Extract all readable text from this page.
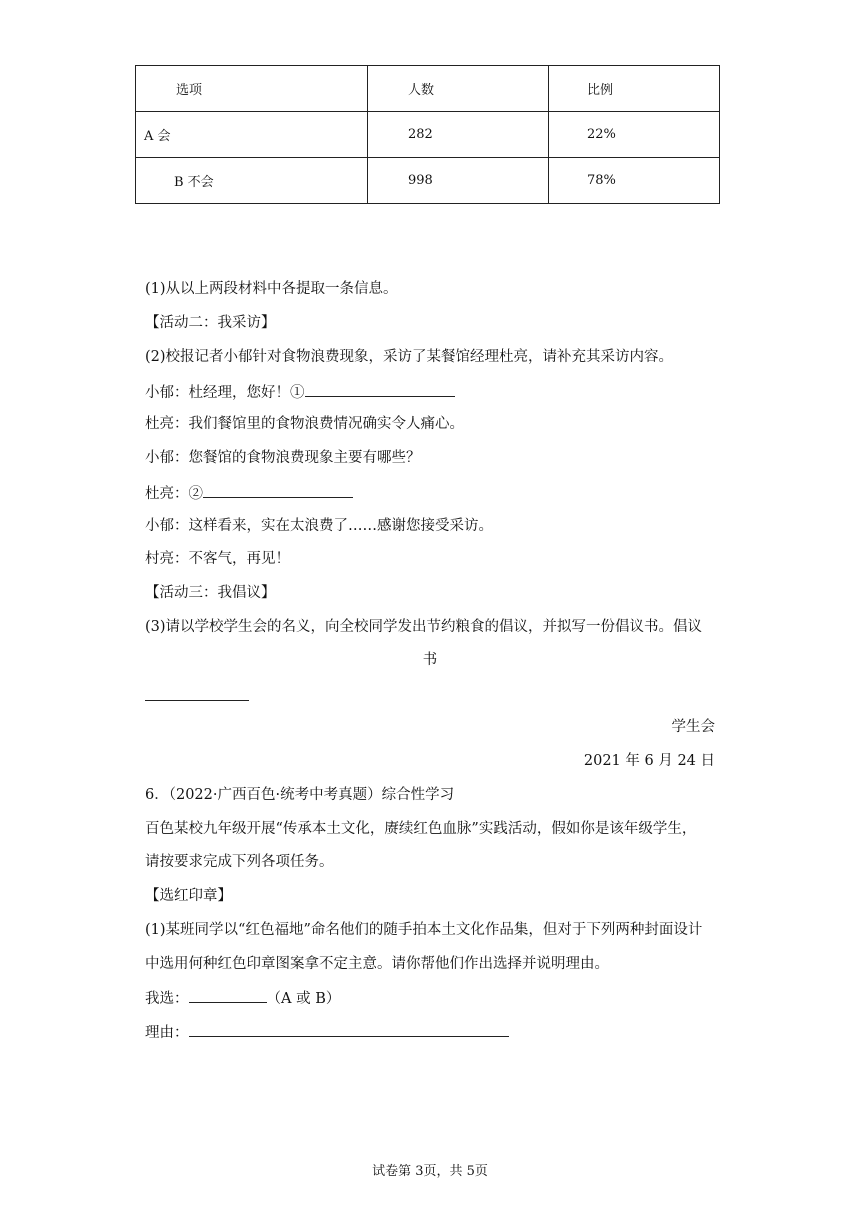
选项	人数	比例
A 会	282	22%
B 不会	998	78%
(1)从以上两段材料中各提取一条信息。
【活动二：我采访】
(2)校报记者小郁针对食物浪费现象，采访了某餐馆经理杜亮，请补充其采访内容。
小郁：杜经理，您好！①
杜亮：我们餐馆里的食物浪费情况确实令人痛心。
小郁：您餐馆的食物浪费现象主要有哪些？
杜亮：②
小郁：这样看来，实在太浪费了……感谢您接受采访。
村亮：不客气，再见！
【活动三：我倡议】
(3)请以学校学生会的名义，向全校同学发出节约粮食的倡议，并拟写一份倡议书。倡议
书
学生会
2021 年 6 月 24 日
6．（2022·广西百色·统考中考真题）综合性学习
百色某校九年级开展“传承本土文化，赓续红色血脉”实践活动，假如你是该年级学生，
请按要求完成下列各项任务。
【选红印章】
(1)某班同学以“红色福地”命名他们的随手拍本土文化作品集，但对于下列两种封面设计
中选用何种红色印章图案拿不定主意。请你帮他们作出选择并说明理由。
我选：	（A 或 B）
理由：
试卷第 3页，共 5页
